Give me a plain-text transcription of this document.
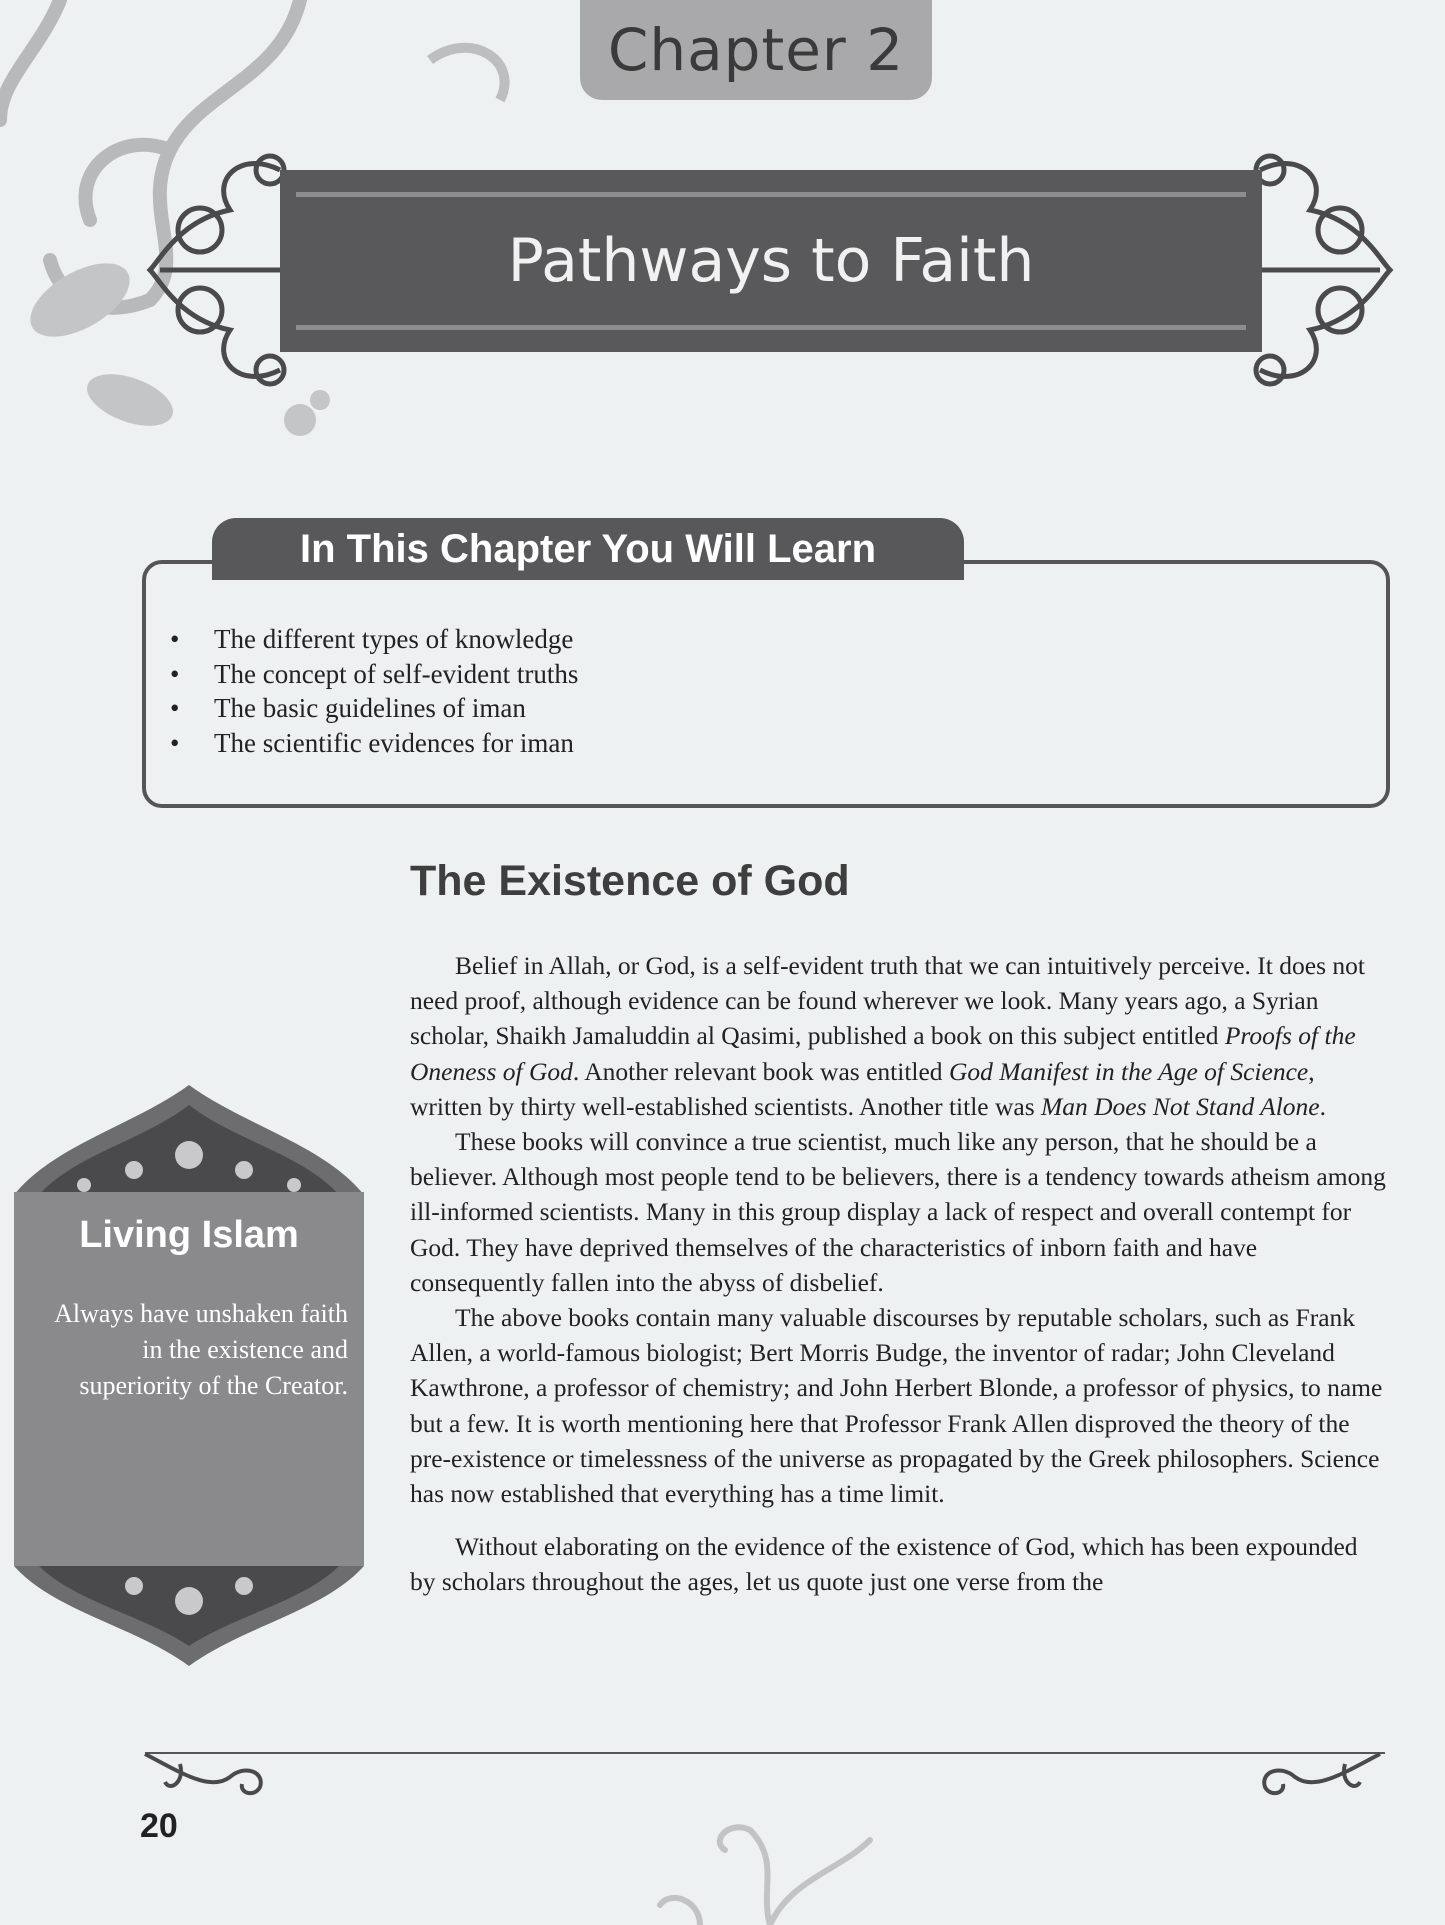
Chapter 2
Pathways to Faith
In This Chapter You Will Learn
• The different types of knowledge
• The concept of self-evident truths
• The basic guidelines of iman
• The scientific evidences for iman
The Existence of God

Belief in Allah, or God, is a self-evident truth that we can intuitively perceive. It does not need proof, although evidence can be found wherever we look. Many years ago, a Syrian scholar, Shaikh Jamaluddin al Qasimi, published a book on this subject entitled Proofs of the Oneness of God. Another relevant book was entitled God Manifest in the Age of Science, written by thirty well-established scientists. Another title was Man Does Not Stand Alone.

These books will convince a true scientist, much like any person, that he should be a believer. Although most people tend to be believers, there is a tendency towards atheism among ill-informed scientists. Many in this group display a lack of respect and overall contempt for God. They have deprived themselves of the characteristics of inborn faith and have consequently fallen into the abyss of disbelief.

The above books contain many valuable discourses by reputable scholars, such as Frank Allen, a world-famous biologist; Bert Morris Budge, the inventor of radar; John Cleveland Kawthrone, a professor of chemistry; and John Herbert Blonde, a professor of physics, to name but a few. It is worth mentioning here that Professor Frank Allen disproved the theory of the pre-existence or timelessness of the universe as propagated by the Greek philosophers. Science has now established that everything has a time limit.

Without elaborating on the evidence of the existence of God, which has been expounded by scholars throughout the ages, let us quote just one verse from the

Living Islam
Always have unshaken faith in the existence and superiority of the Creator.
20
